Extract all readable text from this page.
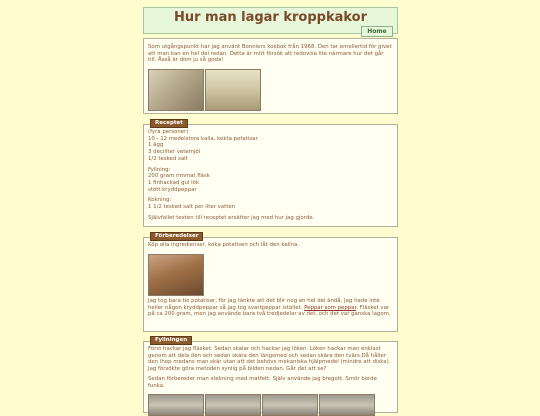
Hur man lagar kroppkakor
Home

Som utgångspunkt har jag använt Bonniers kokbok från 1968. Den tar emellertid för givet att man kan en hel del redan. Detta är mitt försök att redovisa lite närmare hur det går till. Åsså är dom ju så goda!

(fyra personer)
10 - 12 medelstora kalla, kokta potatisar
1 ägg
3 deciliter vetemjöl
1/2 tesked salt
Fyllning:
200 gram rimmat fläsk
1 finhackad gul lök
stött kryddpeppar
Kokning:
1 1/2 tesked salt per liter vatten
Självfallet texten till receptet ersätter jag med hur jag gjorde.
Receptet

Köp alla ingredienser, koka potatisen och låt den kallna.

Jag tog bara tio potatisar, för jag tänkte att det blir nog en hel del ändå. Jag hade inte heller någon kryddpeppar så jag tog svartpeppar istället. Peppar som peppar. Fläsket var på ca 200 gram, men jag använde bara två tredjedelar av det, och det var ganska lagom.

Förberedelser

Först hackar jag fläsket. Sedan skalar och hackar jag löken. Löken hackar man enklast genom att dela den och sedan skära den längsmed och sedan skära den tvärs.Då håller den ihop medans man skär utan att det behövs mekaniska hjälpmedel (mindre att diska). Jag försökte göra metoden synlig på bilden nedan. Går det att se?

Sedan förbereder man stekning med matfett. Själv använde jag bregott. Smör borde funka.

Fyllningen
